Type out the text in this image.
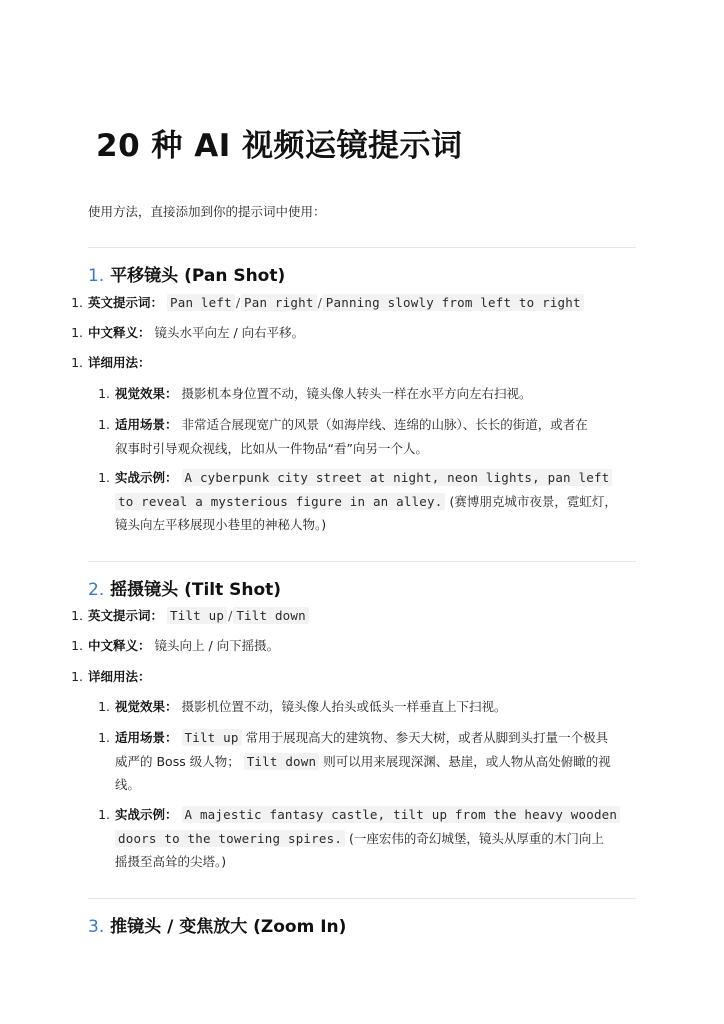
20 种 AI 视频运镜提示词
使用方法，直接添加到你的提示词中使用：
1. 平移镜头 (Pan Shot)
1. 英文提示词： Pan left / Pan right / Panning slowly from left to right
1. 中文释义： 镜头水平向左 / 向右平移。
1. 详细用法：
1. 视觉效果： 摄影机本身位置不动，镜头像人转头一样在水平方向左右扫视。
1. 适用场景： 非常适合展现宽广的风景（如海岸线、连绵的山脉）、长长的街道，或者在
叙事时引导观众视线，比如从一件物品“看”向另一个人。
1. 实战示例： A cyberpunk city street at night, neon lights, pan left
to reveal a mysterious figure in an alley. (赛博朋克城市夜景，霓虹灯，
镜头向左平移展现小巷里的神秘人物。)
2. 摇摄镜头 (Tilt Shot)
1. 英文提示词： Tilt up / Tilt down
1. 中文释义： 镜头向上 / 向下摇摄。
1. 详细用法：
1. 视觉效果： 摄影机位置不动，镜头像人抬头或低头一样垂直上下扫视。
1. 适用场景： Tilt up 常用于展现高大的建筑物、参天大树，或者从脚到头打量一个极具
威严的 Boss 级人物； Tilt down 则可以用来展现深渊、悬崖，或人物从高处俯瞰的视
线。
1. 实战示例： A majestic fantasy castle, tilt up from the heavy wooden
doors to the towering spires. (一座宏伟的奇幻城堡，镜头从厚重的木门向上
摇摄至高耸的尖塔。)
3. 推镜头 / 变焦放大 (Zoom In)
